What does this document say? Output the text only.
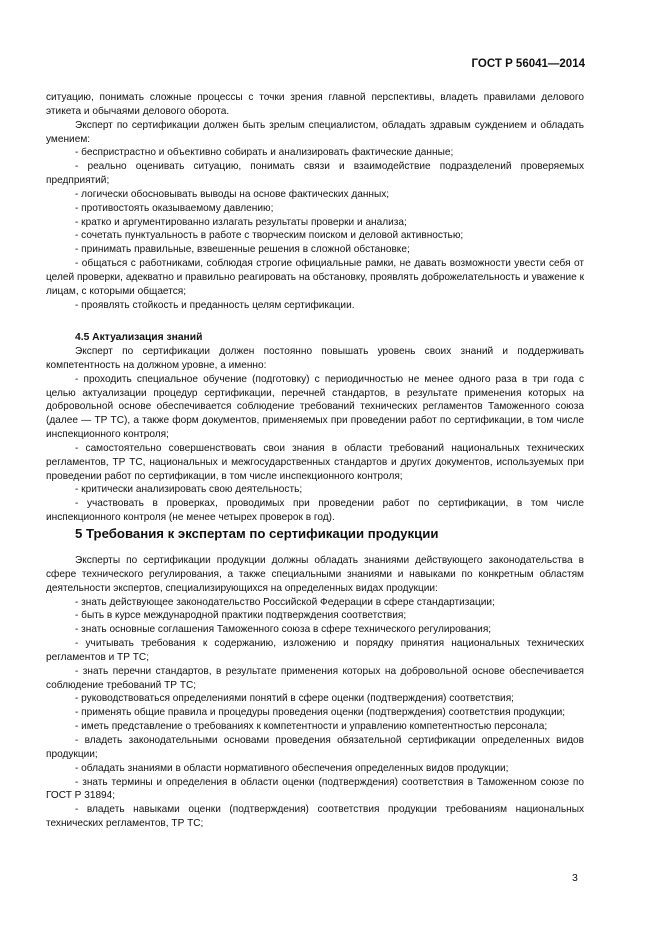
ГОСТ Р 56041—2014

ситуацию, понимать сложные процессы с точки зрения главной перспективы, владеть правилами делового этикета и обычаями делового оборота.

Эксперт по сертификации должен быть зрелым специалистом, обладать здравым суждением и обладать умением:

- беспристрастно и объективно собирать и анализировать фактические данные;

- реально оценивать ситуацию, понимать связи и взаимодействие подразделений проверяемых предприятий;

- логически обосновывать выводы на основе фактических данных;

- противостоять оказываемому давлению;

- кратко и аргументированно излагать результаты проверки и анализа;

- сочетать пунктуальность в работе с творческим поиском и деловой активностью;

- принимать правильные, взвешенные решения в сложной обстановке;

- общаться с работниками, соблюдая строгие официальные рамки, не давать возможности увести себя от целей проверки, адекватно и правильно реагировать на обстановку, проявлять доброжелательность и уважение к лицам, с которыми общается;

- проявлять стойкость и преданность целям сертификации.

4.5 Актуализация знаний

Эксперт по сертификации должен постоянно повышать уровень своих знаний и поддерживать компетентность на должном уровне, а именно:

- проходить специальное обучение (подготовку) с периодичностью не менее одного раза в три года с целью актуализации процедур сертификации, перечней стандартов, в результате применения которых на добровольной основе обеспечивается соблюдение требований технических регламентов Таможенного союза (далее — ТР ТС), а также форм документов, применяемых при проведении работ по сертификации, в том числе инспекционного контроля;

- самостоятельно совершенствовать свои знания в области требований национальных технических регламентов, ТР ТС, национальных и межгосударственных стандартов и других документов, используемых при проведении работ по сертификации, в том числе инспекционного контроля;

- критически анализировать свою деятельность;

- участвовать в проверках, проводимых при проведении работ по сертификации, в том числе инспекционного контроля (не менее четырех проверок в год).

5 Требования к экспертам по сертификации продукции

Эксперты по сертификации продукции должны обладать знаниями действующего законодательства в сфере технического регулирования, а также специальными знаниями и навыками по конкретным областям деятельности экспертов, специализирующихся на определенных видах продукции:

- знать действующее законодательство Российской Федерации в сфере стандартизации;

- быть в курсе международной практики подтверждения соответствия;

- знать основные соглашения Таможенного союза в сфере технического регулирования;

- учитывать требования к содержанию, изложению и порядку принятия национальных технических регламентов и ТР ТС;

- знать перечни стандартов, в результате применения которых на добровольной основе обеспечивается соблюдение требований ТР ТС;

- руководствоваться определениями понятий в сфере оценки (подтверждения) соответствия;

- применять общие правила и процедуры проведения оценки (подтверждения) соответствия продукции;

- иметь представление о требованиях к компетентности и управлению компетентностью персонала;

- владеть законодательными основами проведения обязательной сертификации определенных видов продукции;

- обладать знаниями в области нормативного обеспечения определенных видов продукции;

- знать термины и определения в области оценки (подтверждения) соответствия в Таможенном союзе по ГОСТ Р 31894;

- владеть навыками оценки (подтверждения) соответствия продукции требованиям национальных технических регламентов, ТР ТС;

3
